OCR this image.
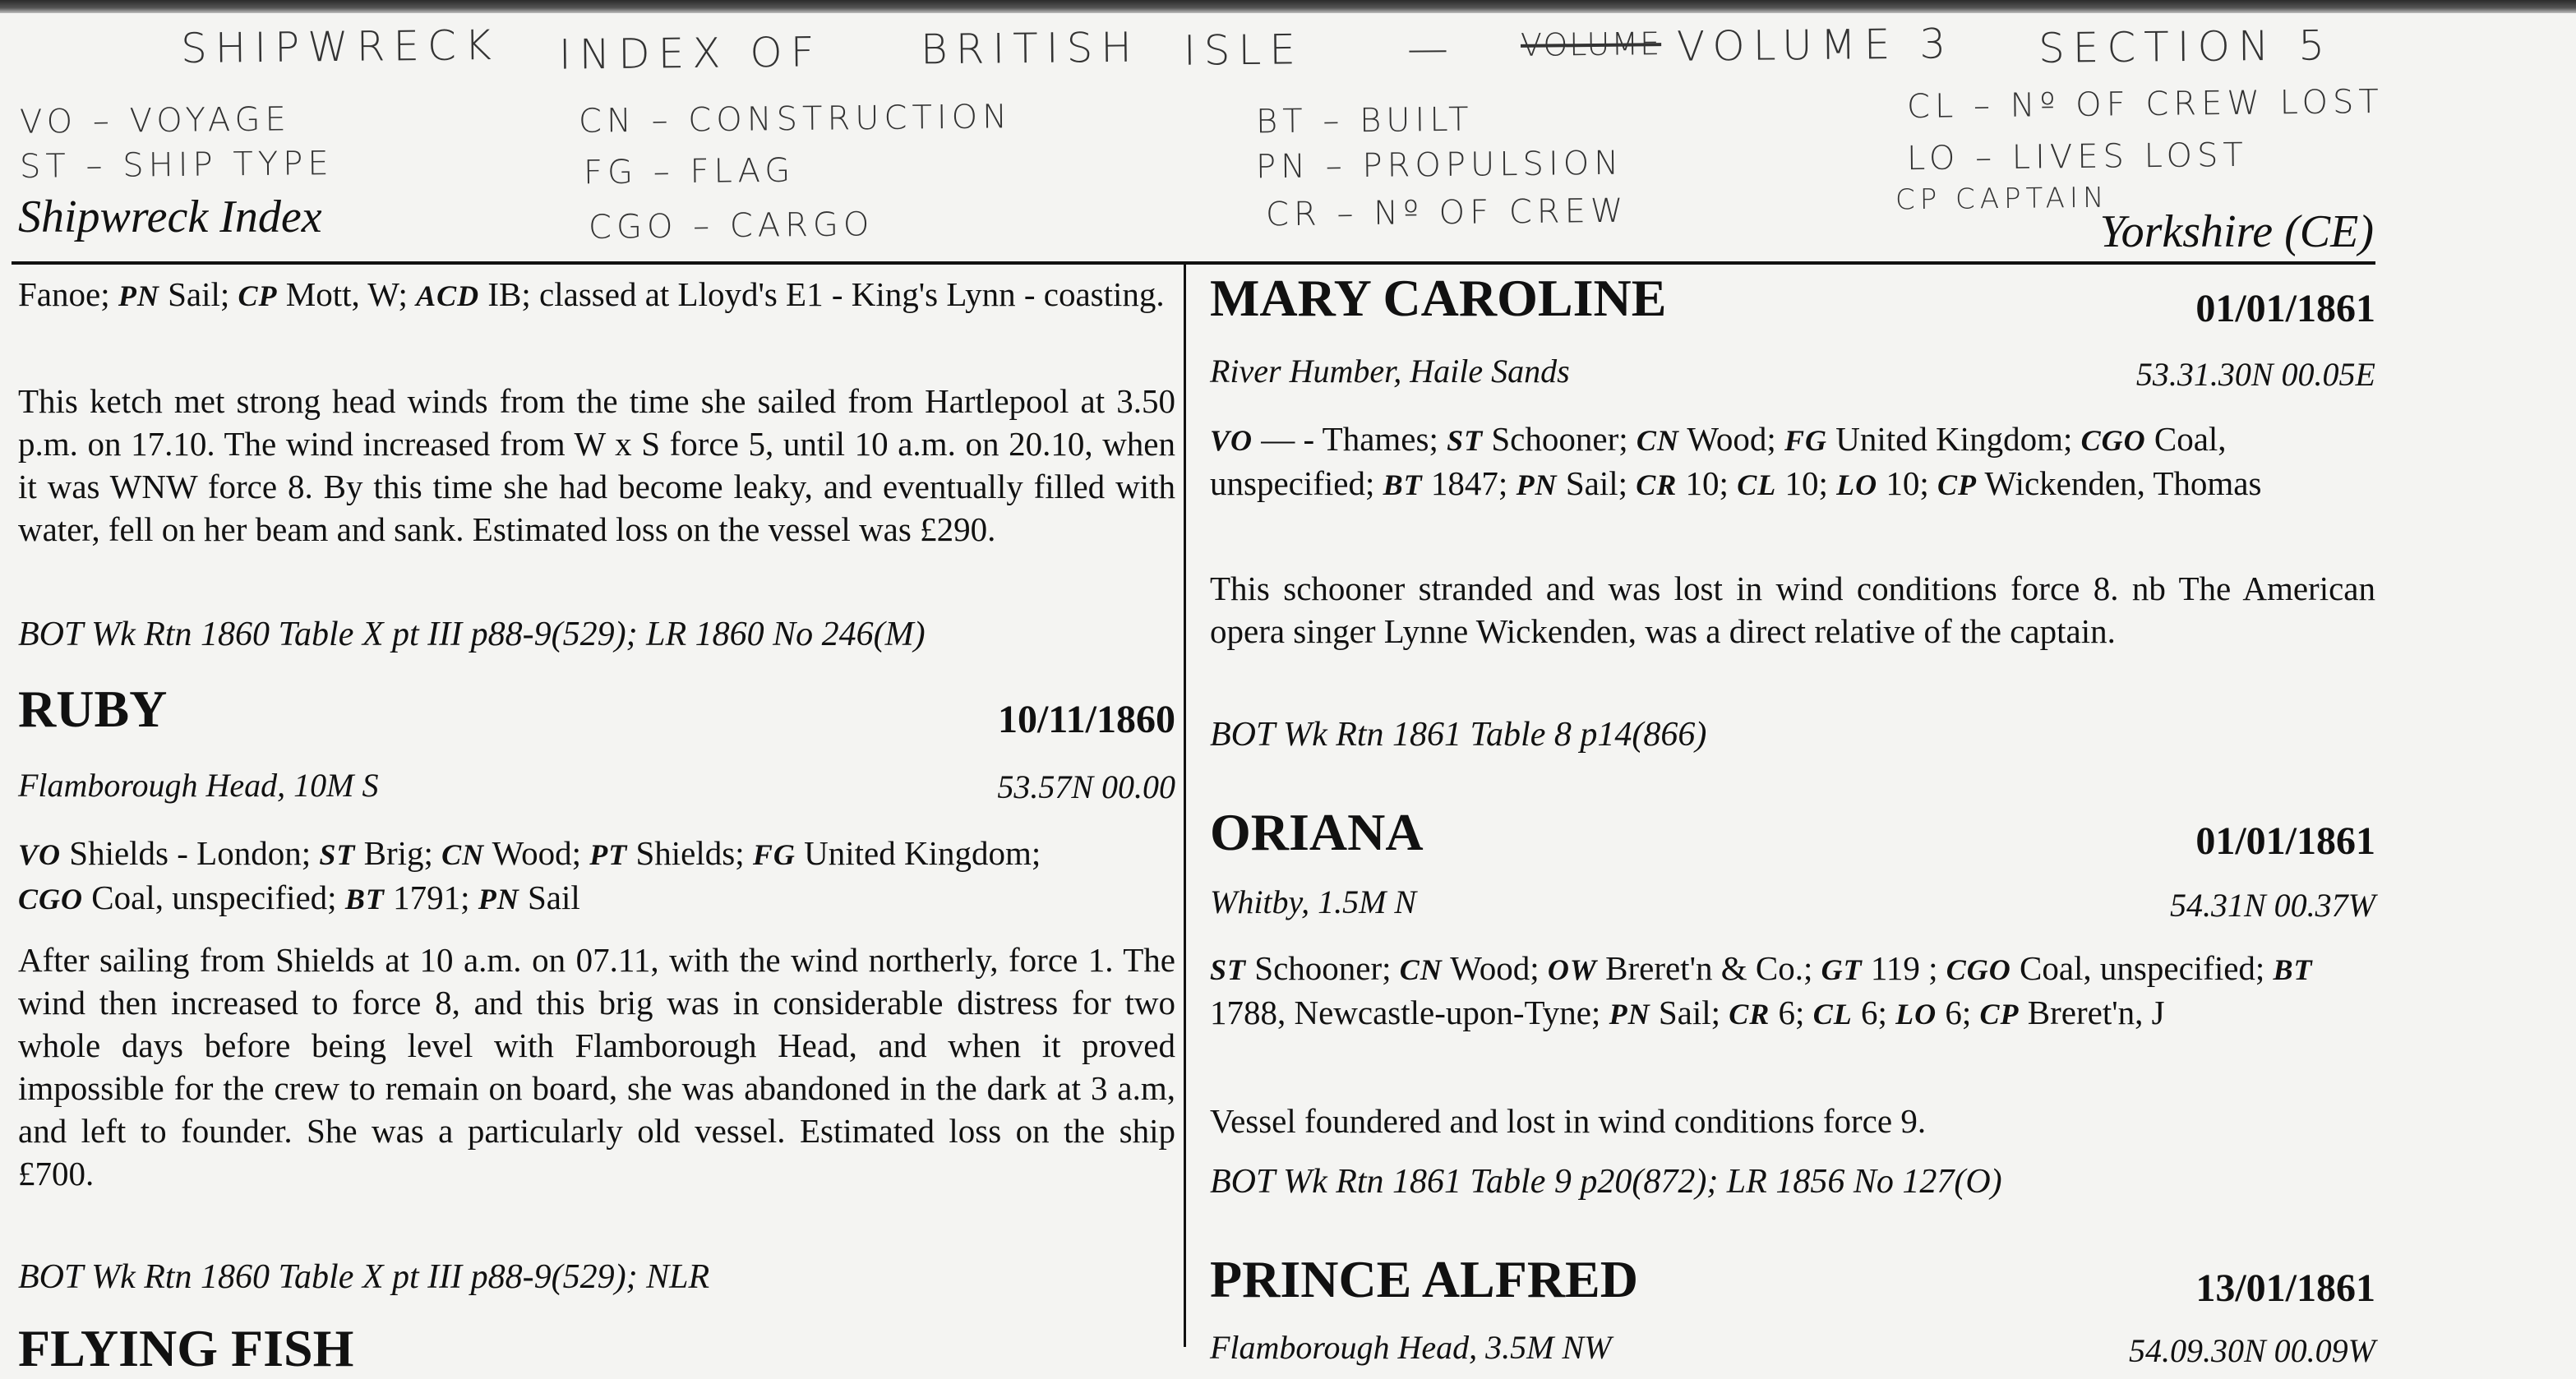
SHIPWRECK INDEX OF BRITISH ISLE	— VOLUME VOLUME 3 SECTION 5
VO – VOYAGE
ST – SHIP TYPE
CN – CONSTRUCTION
FG – FLAG
CGO – CARGO
BT – BUILT
PN – PROPULSION
CR – Nº OF CREW
CL – Nº OF CREW LOST
LO – LIVES LOST
CP CAPTAIN
Shipwreck Index	Yorkshire (CE)
Fanoe; PN Sail; CP Mott, W; ACD IB; classed at Lloyd's E1 - King's Lynn - coasting.
This ketch met strong head winds from the time she sailed from Hartlepool at 3.50 p.m. on 17.10. The wind increased from W x S force 5, until 10 a.m. on 20.10, when it was WNW force 8. By this time she had become leaky, and eventually filled with water, fell on her beam and sank. Estimated loss on the vessel was £290.
BOT Wk Rtn 1860 Table X pt III p88-9(529); LR 1860 No 246(M)
RUBY	10/11/1860
Flamborough Head, 10M S	53.57N 00.00
VO Shields - London; ST Brig; CN Wood; PT Shields; FG United Kingdom; CGO Coal, unspecified; BT 1791; PN Sail
After sailing from Shields at 10 a.m. on 07.11, with the wind northerly, force 1. The wind then increased to force 8, and this brig was in considerable distress for two whole days before being level with Flamborough Head, and when it proved impossible for the crew to remain on board, she was abandoned in the dark at 3 a.m, and left to founder. She was a particularly old vessel. Estimated loss on the ship £700.
BOT Wk Rtn 1860 Table X pt III p88-9(529); NLR
FLYING FISH
MARY CAROLINE	01/01/1861
River Humber, Haile Sands	53.31.30N 00.05E
VO — - Thames; ST Schooner; CN Wood; FG United Kingdom; CGO Coal, unspecified; BT 1847; PN Sail; CR 10; CL 10; LO 10; CP Wickenden, Thomas
This schooner stranded and was lost in wind conditions force 8. nb The American opera singer Lynne Wickenden, was a direct relative of the captain.
BOT Wk Rtn 1861 Table 8 p14(866)
ORIANA	01/01/1861
Whitby, 1.5M N	54.31N 00.37W
ST Schooner; CN Wood; OW Breret'n & Co.; GT 119 ; CGO Coal, unspecified; BT 1788, Newcastle-upon-Tyne; PN Sail; CR 6; CL 6; LO 6; CP Breret'n, J
Vessel foundered and lost in wind conditions force 9.
BOT Wk Rtn 1861 Table 9 p20(872); LR 1856 No 127(O)
PRINCE ALFRED	13/01/1861
Flamborough Head, 3.5M NW	54.09.30N 00.09W
